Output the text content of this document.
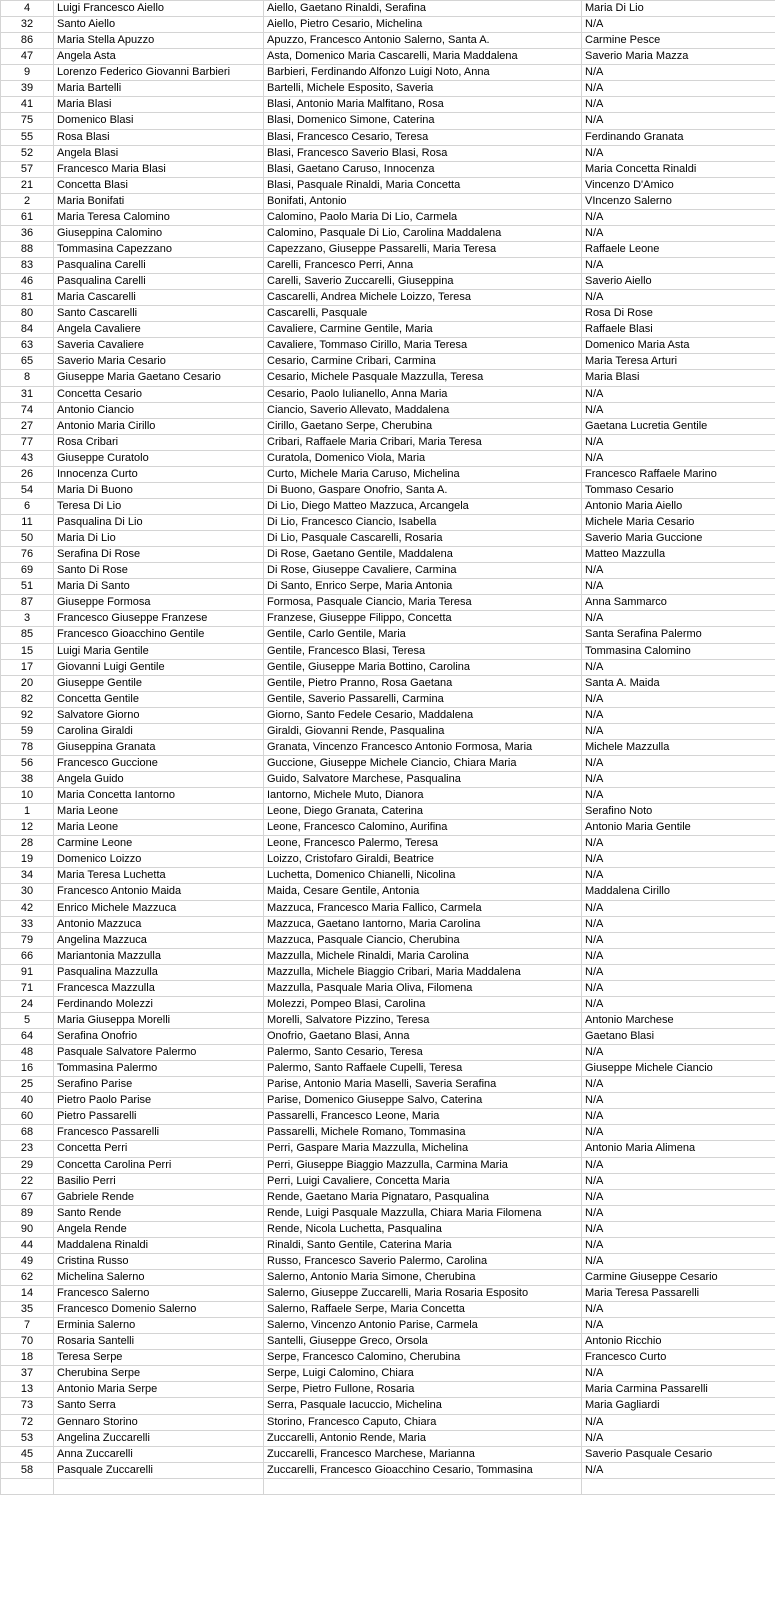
4	Luigi Francesco Aiello	Aiello, Gaetano Rinaldi, Serafina	Maria Di Lio
32	Santo Aiello	Aiello, Pietro Cesario, Michelina	N/A
86	Maria Stella Apuzzo	Apuzzo, Francesco Antonio Salerno, Santa A.	Carmine Pesce
47	Angela Asta	Asta, Domenico Maria Cascarelli, Maria Maddalena	Saverio Maria Mazza
9	Lorenzo Federico Giovanni Barbieri	Barbieri, Ferdinando Alfonzo Luigi Noto, Anna	N/A
39	Maria Bartelli	Bartelli, Michele Esposito, Saveria	N/A
41	Maria Blasi	Blasi, Antonio Maria Malfitano, Rosa	N/A
75	Domenico Blasi	Blasi, Domenico Simone, Caterina	N/A
55	Rosa Blasi	Blasi, Francesco Cesario, Teresa	Ferdinando Granata
52	Angela Blasi	Blasi, Francesco Saverio Blasi, Rosa	N/A
57	Francesco Maria Blasi	Blasi, Gaetano Caruso, Innocenza	Maria Concetta Rinaldi
21	Concetta Blasi	Blasi, Pasquale Rinaldi, Maria Concetta	Vincenzo D'Amico
2	Maria Bonifati	Bonifati, Antonio	VIncenzo Salerno
61	Maria Teresa Calomino	Calomino, Paolo Maria Di Lio, Carmela	N/A
36	Giuseppina Calomino	Calomino, Pasquale Di Lio, Carolina Maddalena	N/A
88	Tommasina Capezzano	Capezzano, Giuseppe Passarelli, Maria Teresa	Raffaele Leone
83	Pasqualina Carelli	Carelli, Francesco Perri, Anna	N/A
46	Pasqualina Carelli	Carelli, Saverio Zuccarelli, Giuseppina	Saverio Aiello
81	Maria Cascarelli	Cascarelli, Andrea Michele Loizzo, Teresa	N/A
80	Santo Cascarelli	Cascarelli, Pasquale	Rosa Di Rose
84	Angela Cavaliere	Cavaliere, Carmine Gentile, Maria	Raffaele Blasi
63	Saveria Cavaliere	Cavaliere, Tommaso Cirillo, Maria Teresa	Domenico Maria Asta
65	Saverio Maria Cesario	Cesario, Carmine Cribari, Carmina	Maria Teresa Arturi
8	Giuseppe Maria Gaetano Cesario	Cesario, Michele Pasquale Mazzulla, Teresa	Maria Blasi
31	Concetta Cesario	Cesario, Paolo Iulianello, Anna Maria	N/A
74	Antonio Ciancio	Ciancio, Saverio Allevato, Maddalena	N/A
27	Antonio Maria Cirillo	Cirillo, Gaetano Serpe, Cherubina	Gaetana Lucretia Gentile
77	Rosa Cribari	Cribari, Raffaele Maria Cribari, Maria Teresa	N/A
43	Giuseppe Curatolo	Curatola, Domenico Viola, Maria	N/A
26	Innocenza Curto	Curto, Michele Maria Caruso, Michelina	Francesco Raffaele Marino
54	Maria Di Buono	Di Buono, Gaspare Onofrio, Santa A.	Tommaso Cesario
6	Teresa Di Lio	Di Lio, Diego Matteo Mazzuca, Arcangela	Antonio Maria Aiello
11	Pasqualina Di Lio	Di Lio, Francesco Ciancio, Isabella	Michele Maria Cesario
50	Maria Di Lio	Di Lio, Pasquale Cascarelli, Rosaria	Saverio Maria Guccione
76	Serafina Di Rose	Di Rose, Gaetano Gentile, Maddalena	Matteo Mazzulla
69	Santo Di Rose	Di Rose, Giuseppe Cavaliere, Carmina	N/A
51	Maria Di Santo	Di Santo, Enrico Serpe, Maria Antonia	N/A
87	Giuseppe Formosa	Formosa, Pasquale Ciancio, Maria Teresa	Anna Sammarco
3	Francesco Giuseppe Franzese	Franzese, Giuseppe Filippo, Concetta	N/A
85	Francesco Gioacchino Gentile	Gentile, Carlo Gentile, Maria	Santa Serafina Palermo
15	Luigi Maria Gentile	Gentile, Francesco Blasi, Teresa	Tommasina Calomino
17	Giovanni Luigi Gentile	Gentile, Giuseppe Maria Bottino, Carolina	N/A
20	Giuseppe Gentile	Gentile, Pietro Pranno, Rosa Gaetana	Santa A. Maida
82	Concetta Gentile	Gentile, Saverio Passarelli, Carmina	N/A
92	Salvatore Giorno	Giorno, Santo Fedele Cesario, Maddalena	N/A
59	Carolina Giraldi	Giraldi, Giovanni Rende, Pasqualina	N/A
78	Giuseppina Granata	Granata, Vincenzo Francesco Antonio Formosa, Maria	Michele Mazzulla
56	Francesco Guccione	Guccione, Giuseppe Michele Ciancio, Chiara Maria	N/A
38	Angela Guido	Guido, Salvatore Marchese, Pasqualina	N/A
10	Maria Concetta Iantorno	Iantorno, Michele Muto, Dianora	N/A
1	Maria Leone	Leone, Diego Granata, Caterina	Serafino Noto
12	Maria Leone	Leone, Francesco Calomino, Aurifina	Antonio Maria Gentile
28	Carmine Leone	Leone, Francesco Palermo, Teresa	N/A
19	Domenico Loizzo	Loizzo, Cristofaro Giraldi, Beatrice	N/A
34	Maria Teresa Luchetta	Luchetta, Domenico Chianelli, Nicolina	N/A
30	Francesco Antonio Maida	Maida, Cesare Gentile, Antonia	Maddalena Cirillo
42	Enrico Michele Mazzuca	Mazzuca, Francesco Maria Fallico, Carmela	N/A
33	Antonio Mazzuca	Mazzuca, Gaetano Iantorno, Maria Carolina	N/A
79	Angelina Mazzuca	Mazzuca, Pasquale Ciancio, Cherubina	N/A
66	Mariantonia Mazzulla	Mazzulla, Michele Rinaldi, Maria Carolina	N/A
91	Pasqualina Mazzulla	Mazzulla, Michele Biaggio Cribari, Maria Maddalena	N/A
71	Francesca Mazzulla	Mazzulla, Pasquale Maria Oliva, Filomena	N/A
24	Ferdinando Molezzi	Molezzi, Pompeo Blasi, Carolina	N/A
5	Maria Giuseppa Morelli	Morelli, Salvatore Pizzino, Teresa	Antonio Marchese
64	Serafina Onofrio	Onofrio, Gaetano Blasi, Anna	Gaetano Blasi
48	Pasquale Salvatore Palermo	Palermo, Santo Cesario, Teresa	N/A
16	Tommasina Palermo	Palermo, Santo Raffaele Cupelli, Teresa	Giuseppe Michele Ciancio
25	Serafino Parise	Parise, Antonio Maria Maselli, Saveria Serafina	N/A
40	Pietro Paolo Parise	Parise, Domenico Giuseppe Salvo, Caterina	N/A
60	Pietro Passarelli	Passarelli, Francesco Leone, Maria	N/A
68	Francesco Passarelli	Passarelli, Michele Romano, Tommasina	N/A
23	Concetta Perri	Perri, Gaspare Maria Mazzulla, Michelina	Antonio Maria Alimena
29	Concetta Carolina Perri	Perri, Giuseppe Biaggio Mazzulla, Carmina Maria	N/A
22	Basilio Perri	Perri, Luigi Cavaliere, Concetta Maria	N/A
67	Gabriele Rende	Rende, Gaetano Maria Pignataro, Pasqualina	N/A
89	Santo Rende	Rende, Luigi Pasquale Mazzulla, Chiara Maria Filomena	N/A
90	Angela Rende	Rende, Nicola Luchetta, Pasqualina	N/A
44	Maddalena Rinaldi	Rinaldi, Santo Gentile, Caterina Maria	N/A
49	Cristina Russo	Russo, Francesco Saverio Palermo, Carolina	N/A
62	Michelina Salerno	Salerno, Antonio Maria Simone, Cherubina	Carmine Giuseppe Cesario
14	Francesco Salerno	Salerno, Giuseppe Zuccarelli, Maria Rosaria Esposito	Maria Teresa Passarelli
35	Francesco Domenio Salerno	Salerno, Raffaele Serpe, Maria Concetta	N/A
7	Erminia Salerno	Salerno, Vincenzo Antonio Parise, Carmela	N/A
70	Rosaria Santelli	Santelli, Giuseppe Greco, Orsola	Antonio Ricchio
18	Teresa Serpe	Serpe, Francesco Calomino, Cherubina	Francesco Curto
37	Cherubina Serpe	Serpe, Luigi Calomino, Chiara	N/A
13	Antonio Maria Serpe	Serpe, Pietro Fullone, Rosaria	Maria Carmina Passarelli
73	Santo Serra	Serra, Pasquale Iacuccio, Michelina	Maria Gagliardi
72	Gennaro Storino	Storino, Francesco Caputo, Chiara	N/A
53	Angelina Zuccarelli	Zuccarelli, Antonio Rende, Maria	N/A
45	Anna Zuccarelli	Zuccarelli, Francesco Marchese, Marianna	Saverio Pasquale Cesario
58	Pasquale Zuccarelli	Zuccarelli, Francesco Gioacchino Cesario, Tommasina	N/A
